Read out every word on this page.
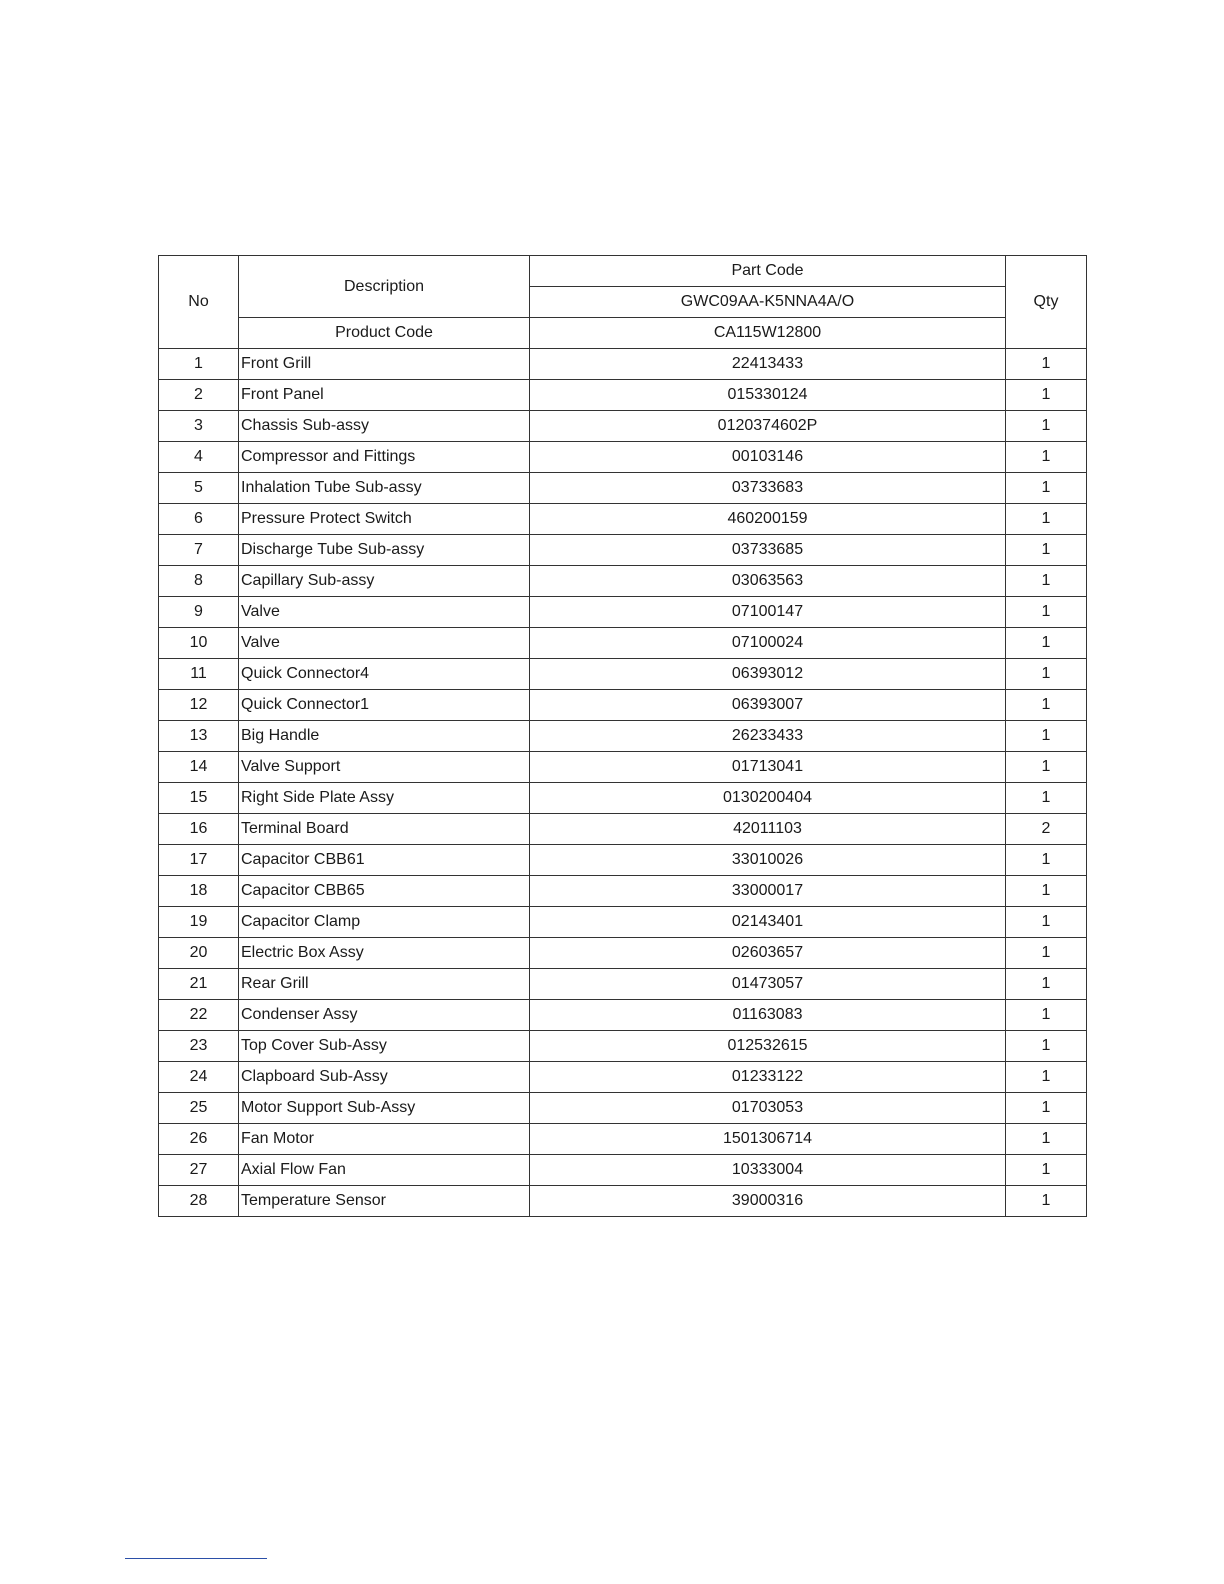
No	Description	Part Code	Qty
		GWC09AA-K5NNA4A/O	
	Product Code	CA115W12800	
1	Front Grill	22413433	1
2	Front Panel	015330124	1
3	Chassis Sub-assy	0120374602P	1
4	Compressor and Fittings	00103146	1
5	Inhalation Tube Sub-assy	03733683	1
6	Pressure Protect Switch	460200159	1
7	Discharge Tube Sub-assy	03733685	1
8	Capillary Sub-assy	03063563	1
9	Valve	07100147	1
10	Valve	07100024	1
11	Quick Connector4	06393012	1
12	Quick Connector1	06393007	1
13	Big Handle	26233433	1
14	Valve Support	01713041	1
15	Right Side Plate Assy	0130200404	1
16	Terminal Board	42011103	2
17	Capacitor CBB61	33010026	1
18	Capacitor CBB65	33000017	1
19	Capacitor Clamp	02143401	1
20	Electric Box Assy	02603657	1
21	Rear Grill	01473057	1
22	Condenser Assy	01163083	1
23	Top Cover Sub-Assy	012532615	1
24	Clapboard Sub-Assy	01233122	1
25	Motor Support Sub-Assy	01703053	1
26	Fan Motor	1501306714	1
27	Axial Flow Fan	10333004	1
28	Temperature Sensor	39000316	1
